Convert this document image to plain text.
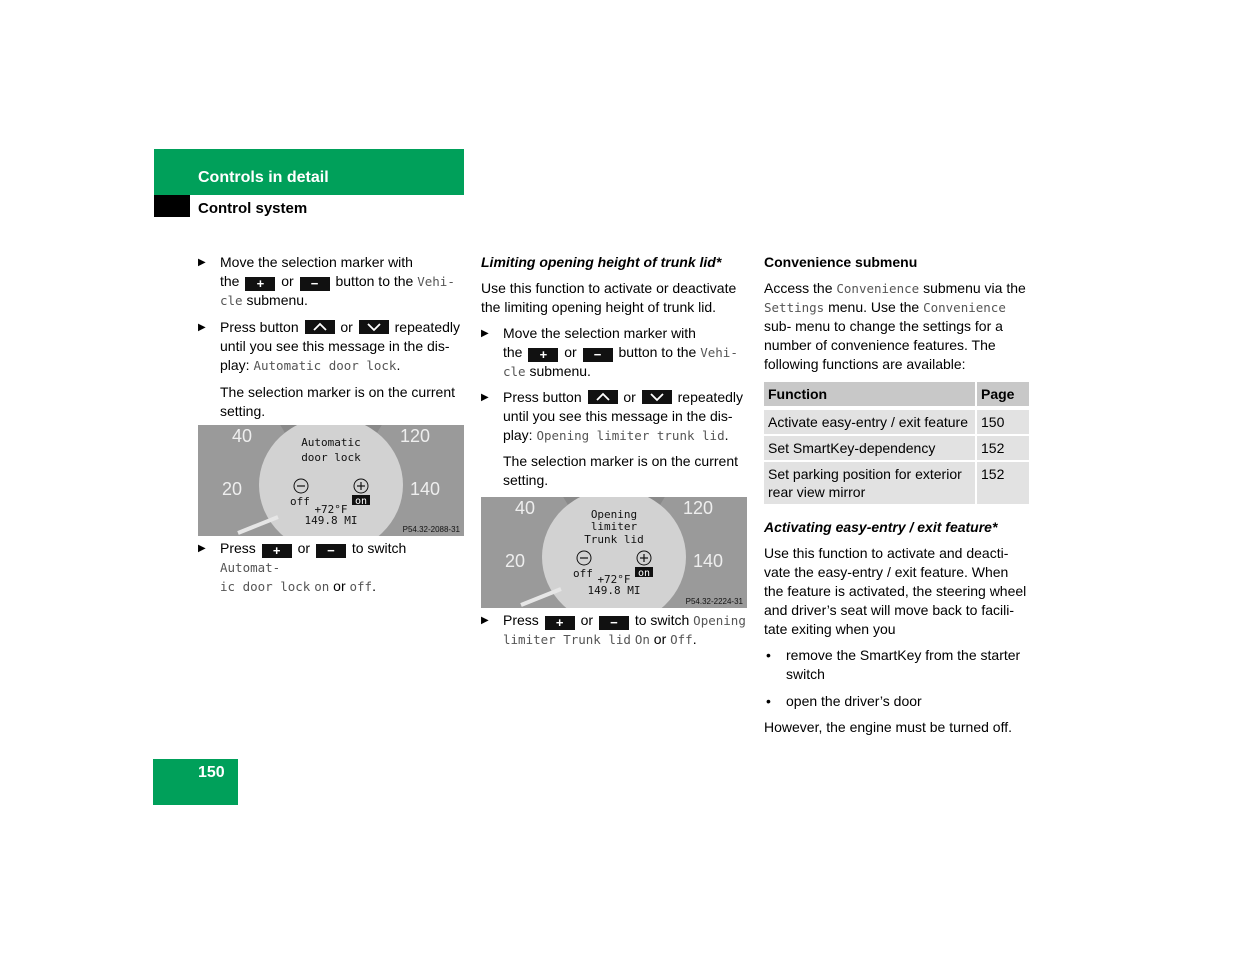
Controls in detail
Control system
▶ Move the selection marker with
the + or − button to the Vehi-
cle submenu.
▶ Press button	or	repeatedly
until you see this message in the dis-
play: Automatic door lock.

The selection marker is on the current setting.

40
20
120
140
Automatic
door lock
off	on
+72°F
149.8 MI
P54.32-2088-31
▶ Press + or − to switch Automat-
ic door lock on or off.

Limiting opening height of trunk lid*

Use this function to activate or deactivate the limiting opening height of trunk lid.

▶ Move the selection marker with
the + or − button to the Vehi-
cle submenu.
▶ Press button	or	repeatedly
until you see this message in the dis-
play: Opening limiter trunk lid.

The selection marker is on the current setting.

40
20
120
140
Opening
limiter
Trunk lid
off	on
+72°F
149.8 MI
P54.32-2224-31
▶ Press + or − to switch Opening
limiter Trunk lid On or Off.

Convenience submenu

Access the Convenience submenu via the
Settings menu. Use the Convenience sub- menu to change the settings for a number of convenience features. The following functions are available:

Function	Page
Activate easy-entry / exit feature	150
Set SmartKey-dependency	152
Set parking position for exterior rear view mirror	152

Activating easy-entry / exit feature*

Use this function to activate and deacti-vate the easy-entry / exit feature. When the feature is activated, the steering wheel and driver’s seat will move back to facili-tate exiting when you

• remove the SmartKey from the starter switch
• open the driver’s door

However, the engine must be turned off.

150
